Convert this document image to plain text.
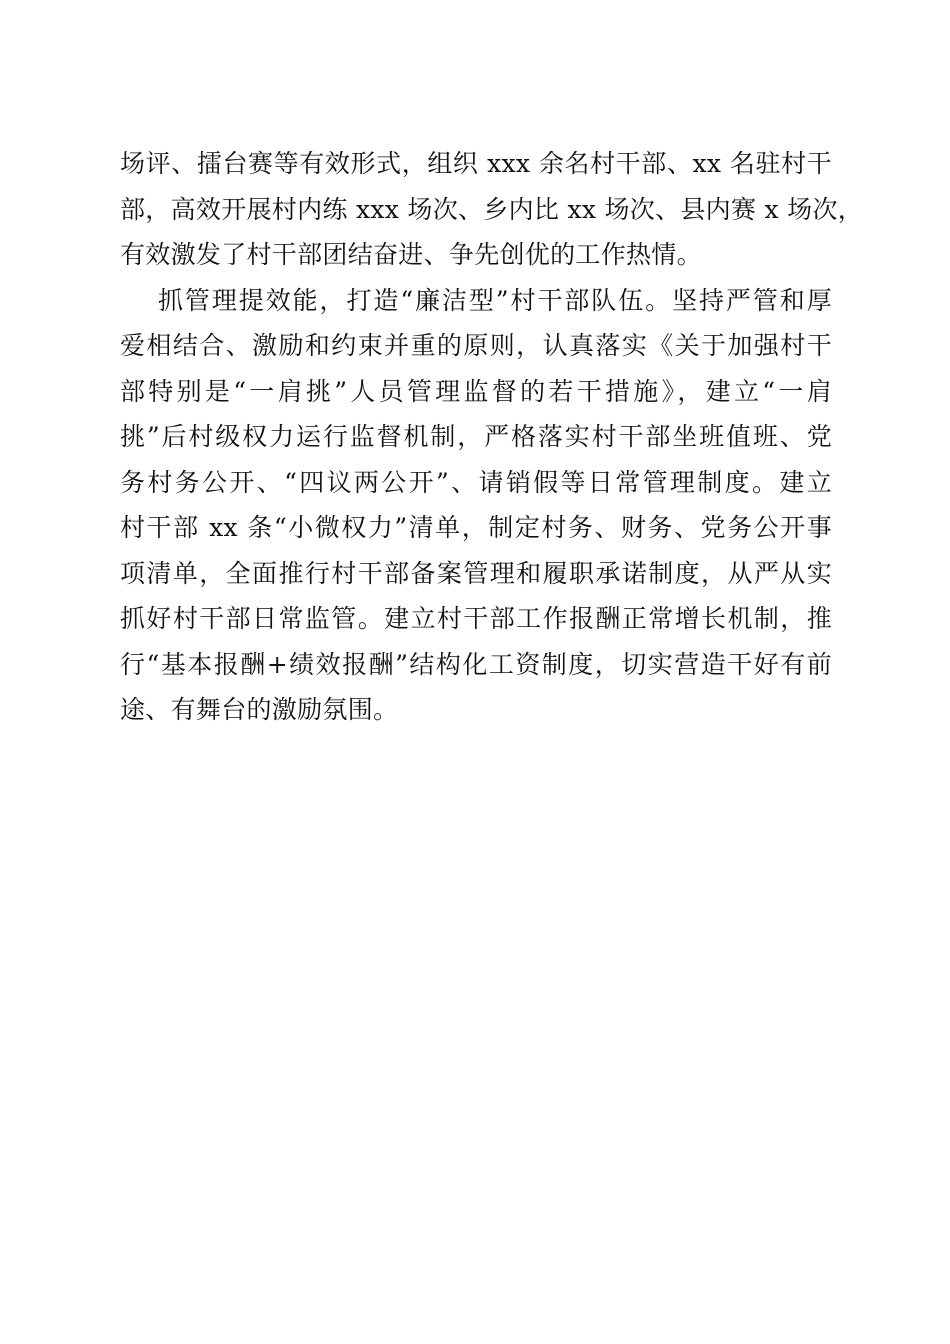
场评、擂台赛等有效形式，组织 xxx 余名村干部、xx 名驻村干
部，高效开展村内练 xxx 场次、乡内比 xx 场次、县内赛 x 场次，
有效激发了村干部团结奋进、争先创优的工作热情。
抓管理提效能，打造“廉洁型”村干部队伍。坚持严管和厚
爱相结合、激励和约束并重的原则，认真落实《关于加强村干
部特别是“一肩挑”人员管理监督的若干措施》，建立“一肩
挑”后村级权力运行监督机制，严格落实村干部坐班值班、党
务村务公开、“四议两公开”、请销假等日常管理制度。建立
村干部 xx 条“小微权力”清单，制定村务、财务、党务公开事
项清单，全面推行村干部备案管理和履职承诺制度，从严从实
抓好村干部日常监管。建立村干部工作报酬正常增长机制，推
行“基本报酬+绩效报酬”结构化工资制度，切实营造干好有前
途、有舞台的激励氛围。
